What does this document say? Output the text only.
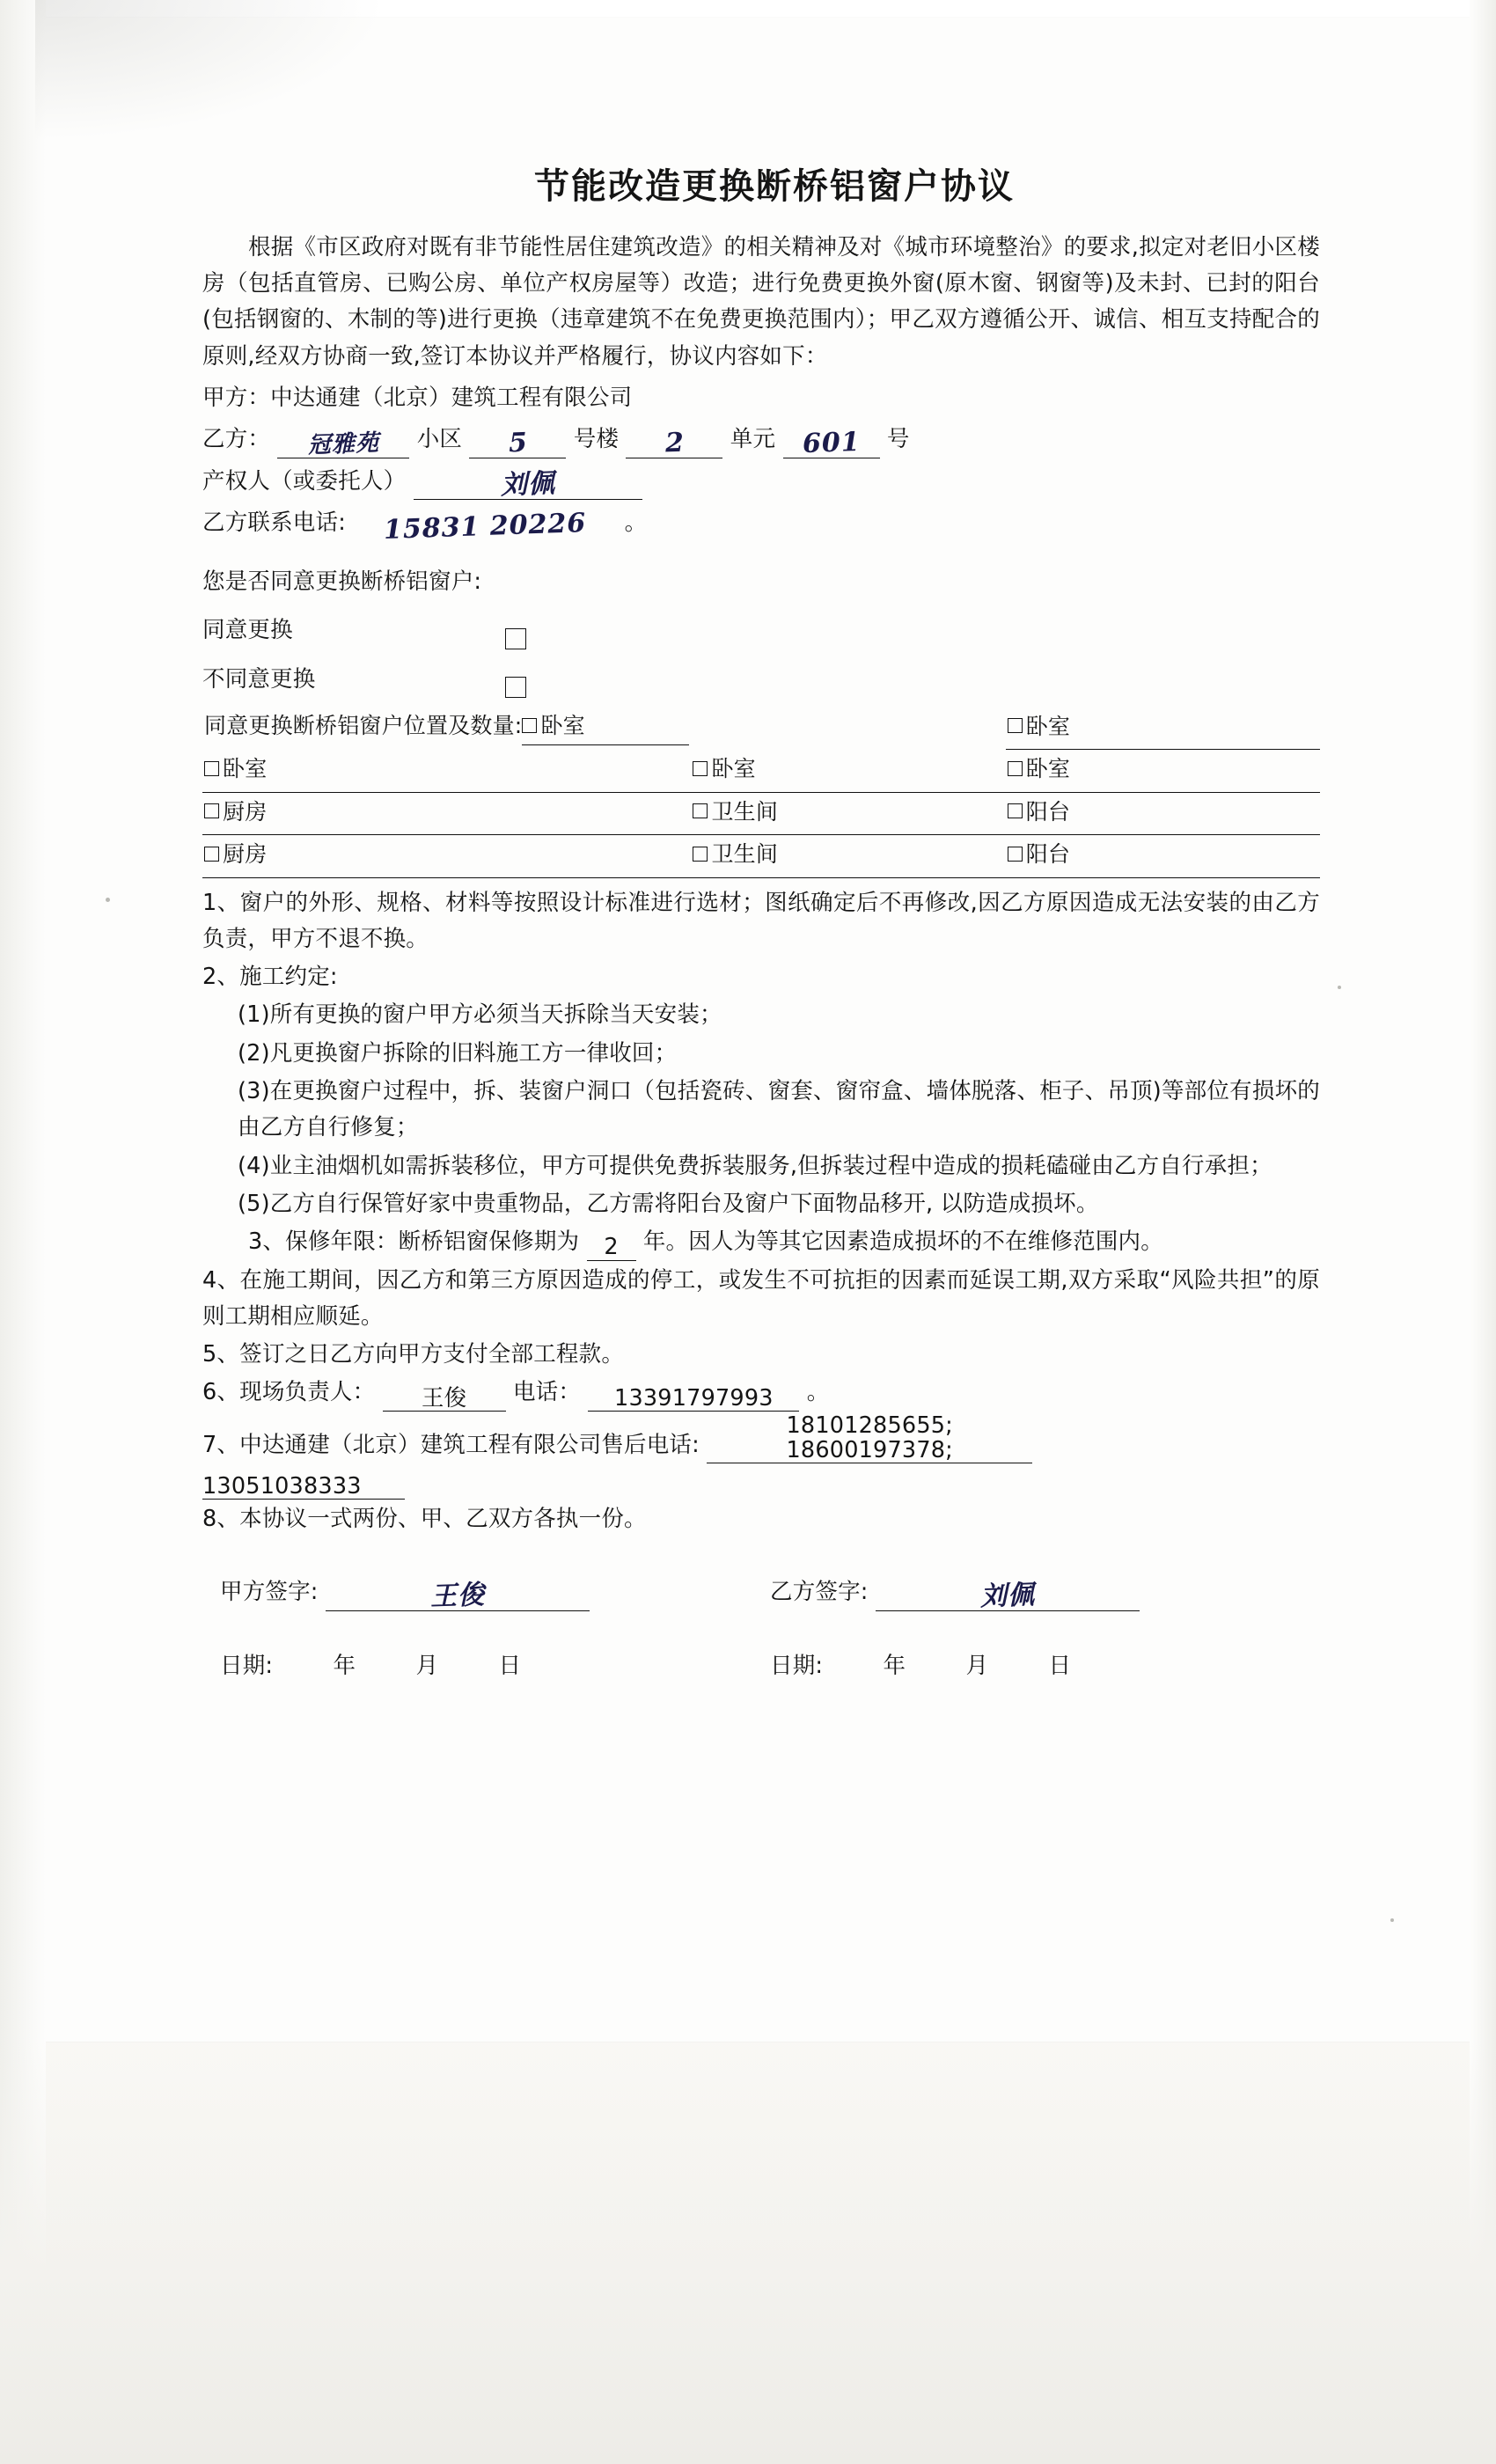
节能改造更换断桥铝窗户协议

根据《市区政府对既有非节能性居住建筑改造》的相关精神及对《城市环境整治》的要求,拟定对老旧小区楼房（包括直管房、已购公房、单位产权房屋等）改造；进行免费更换外窗(原木窗、钢窗等)及未封、已封的阳台(包括钢窗的、木制的等)进行更换（违章建筑不在免费更换范围内）；甲乙双方遵循公开、诚信、相互支持配合的原则,经双方协商一致,签订本协议并严格履行，协议内容如下：

甲方：中达通建（北京）建筑工程有限公司
乙方： 冠雅苑 小区 5 号楼 2 单元 601 号
产权人（或委托人）	刘佩
乙方联系电话: 15831 20226 。
您是否同意更换断桥铝窗户:
同意更换
不同意更换
同意更换断桥铝窗户位置及数量: 卧室		卧室
卧室	卧室	卧室
厨房	卫生间	阳台
厨房	卫生间	阳台

1、窗户的外形、规格、材料等按照设计标准进行选材；图纸确定后不再修改,因乙方原因造成无法安装的由乙方负责，甲方不退不换。

2、施工约定:

(1)所有更换的窗户甲方必须当天拆除当天安装；

(2)凡更换窗户拆除的旧料施工方一律收回；

(3)在更换窗户过程中，拆、装窗户洞口（包括瓷砖、窗套、窗帘盒、墙体脱落、柜子、吊顶)等部位有损坏的由乙方自行修复；

(4)业主油烟机如需拆装移位，甲方可提供免费拆装服务,但拆装过程中造成的损耗磕碰由乙方自行承担；

(5)乙方自行保管好家中贵重物品，乙方需将阳台及窗户下面物品移开, 以防造成损坏。

3、保修年限：断桥铝窗保修期为 2 年。因人为等其它因素造成损坏的不在维修范围内。

4、在施工期间，因乙方和第三方原因造成的停工，或发生不可抗拒的因素而延误工期,双方采取“风险共担”的原则工期相应顺延。

5、签订之日乙方向甲方支付全部工程款。

6、现场负责人： 王俊 电话： 13391797993 。

7、中达通建（北京）建筑工程有限公司售后电话: 18101285655; 18600197378;
13051038333

8、本协议一式两份、甲、乙双方各执一份。

甲方签字:	王俊	乙方签字:	刘佩
日期:	年	月	日	日期:	年	月	日
